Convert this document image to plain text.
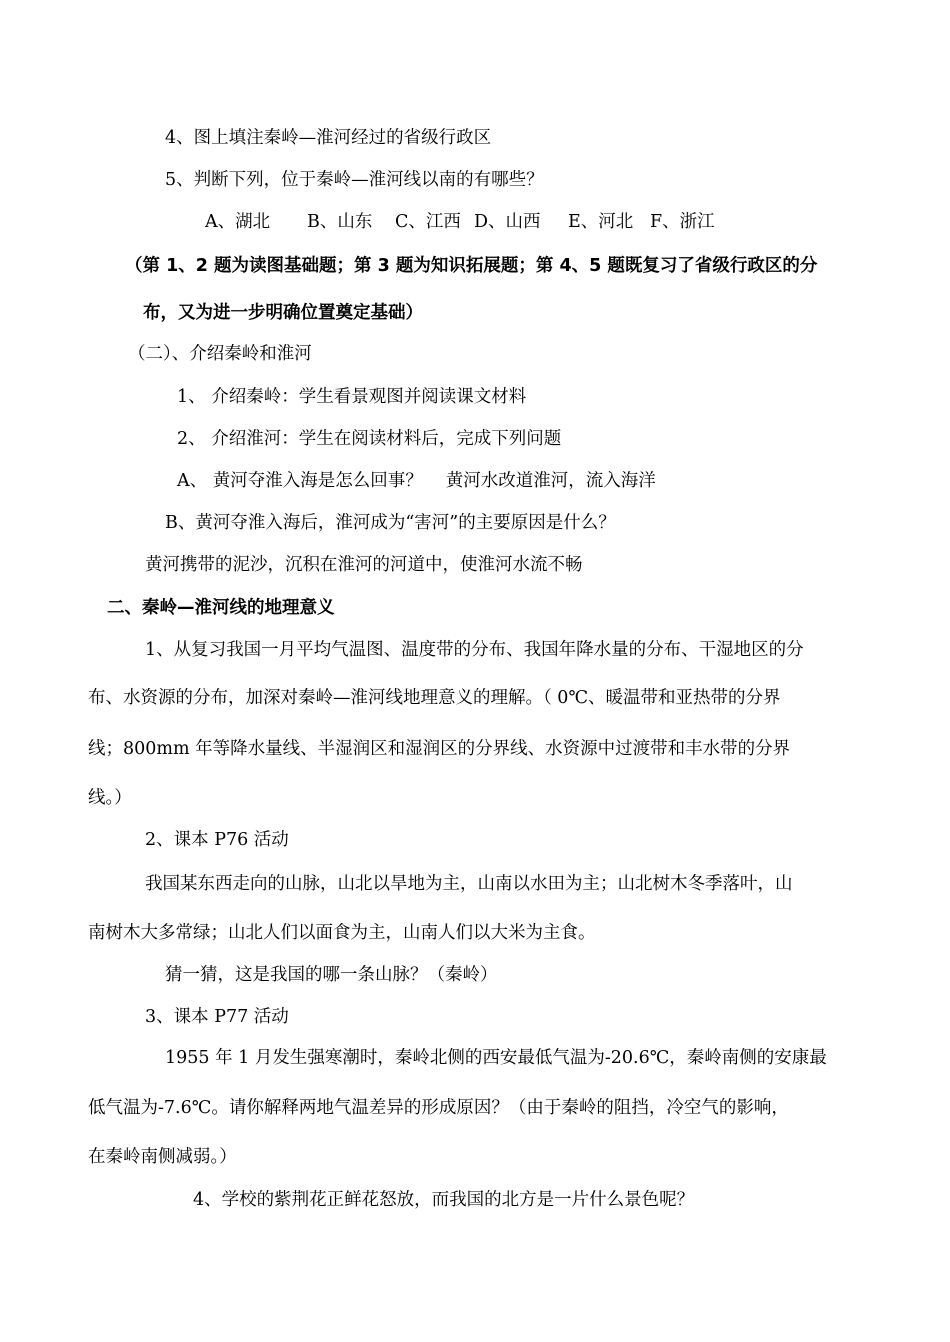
4、图上填注秦岭—淮河经过的省级行政区
5、判断下列，位于秦岭—淮河线以南的有哪些？
A、湖北 B、山东 C、江西 D、山西 E、河北 F、浙江
（第 1、2 题为读图基础题；第 3 题为知识拓展题；第 4、5 题既复习了省级行政区的分
布，又为进一步明确位置奠定基础）
（二）、介绍秦岭和淮河
1、 介绍秦岭：学生看景观图并阅读课文材料
2、 介绍淮河：学生在阅读材料后，完成下列问题
A、 黄河夺淮入海是怎么回事？　 黄河水改道淮河，流入海洋
B、黄河夺淮入海后，淮河成为“害河”的主要原因是什么？
黄河携带的泥沙，沉积在淮河的河道中，使淮河水流不畅
二、秦岭—淮河线的地理意义
1、从复习我国一月平均气温图、温度带的分布、我国年降水量的分布、干湿地区的分
布、水资源的分布，加深对秦岭—淮河线地理意义的理解。（ 0℃、暖温带和亚热带的分界
线；800mm 年等降水量线、半湿润区和湿润区的分界线、水资源中过渡带和丰水带的分界
线。）
2、课本 P76 活动
我国某东西走向的山脉，山北以旱地为主，山南以水田为主；山北树木冬季落叶，山
南树木大多常绿；山北人们以面食为主，山南人们以大米为主食。
猜一猜，这是我国的哪一条山脉？（秦岭）
3、课本 P77 活动
1955 年 1 月发生强寒潮时，秦岭北侧的西安最低气温为-20.6℃，秦岭南侧的安康最
低气温为-7.6℃。请你解释两地气温差异的形成原因？（由于秦岭的阻挡，冷空气的影响，
在秦岭南侧减弱。）
4、学校的紫荆花正鲜花怒放，而我国的北方是一片什么景色呢？
